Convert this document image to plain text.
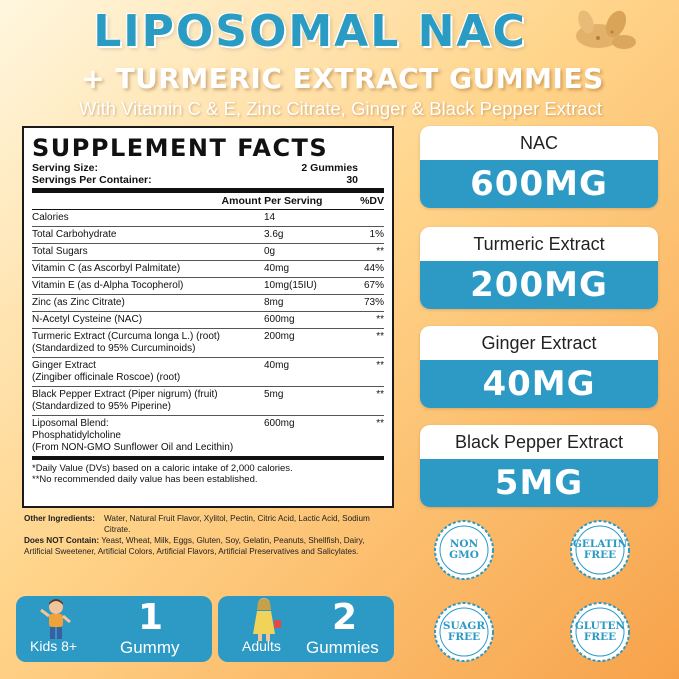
LIPOSOMAL NAC
+ TURMERIC EXTRACT GUMMIES
With Vitamin C & E, Zinc Citrate, Ginger & Black Pepper Extract
SUPPLEMENT FACTS
Serving Size:	2 Gummies
Servings Per Container:	30
Amount Per Serving	%DV
Calories	14
Total Carbohydrate	3.6g	1%
Total Sugars	0g	**
Vitamin C (as Ascorbyl Palmitate)	40mg	44%
Vitamin E (as d-Alpha Tocopherol)	10mg(15IU)	67%
Zinc (as Zinc Citrate)	8mg	73%
N-Acetyl Cysteine (NAC)	600mg	**
Turmeric Extract (Curcuma longa L.) (root)
(Standardized to 95% Curcuminoids)
200mg	**
Ginger Extract
(Zingiber officinale Roscoe) (root)
40mg	**
Black Pepper Extract (Piper nigrum) (fruit)
(Standardized to 95% Piperine)
5mg	**
Liposomal Blend:
Phosphatidylcholine
(From NON-GMO Sunflower Oil and Lecithin)
600mg	**
*Daily Value (DVs) based on a caloric intake of 2,000 calories.
**No recommended daily value has been established.
Other Ingredients:	Water, Natural Fruit Flavor, Xylitol, Pectin, Citric Acid, Lactic Acid, Sodium Citrate.
Does NOT Contain: Yeast, Wheat, Milk, Eggs, Gluten, Soy, Gelatin, Peanuts, Shellfish, Dairy, Artificial Sweetener, Artificial Colors, Artificial Flavors, Artificial Preservatives and Salicylates.
Kids 8+
1
Gummy	Adults
2
Gummies
NAC
600MG
Turmeric Extract
200MG
Ginger Extract
40MG
Black Pepper Extract
5MG
NON
GMO
GELATIN
FREE
SUAGR
FREE
GLUTEN
FREE
